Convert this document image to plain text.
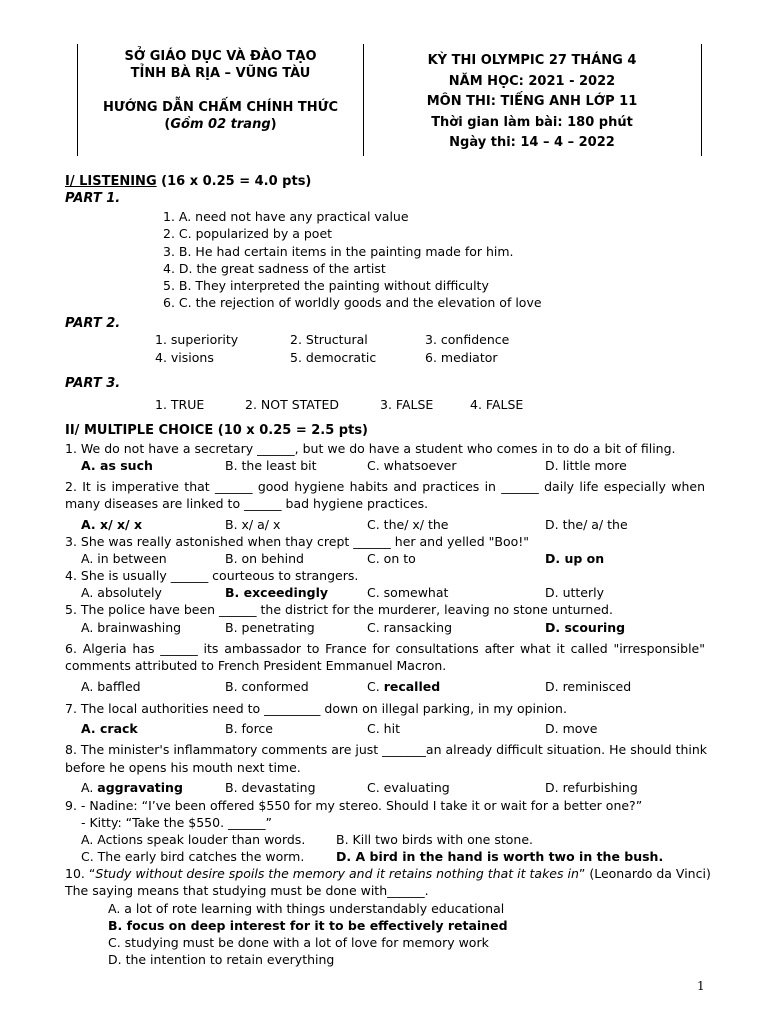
SỞ GIÁO DỤC VÀ ĐÀO TẠO
TỈNH BÀ RỊA – VŨNG TÀU
HƯỚNG DẪN CHẤM CHÍNH THỨC
(Gồm 02 trang)
KỲ THI OLYMPIC 27 THÁNG 4
NĂM HỌC: 2021 - 2022
MÔN THI: TIẾNG ANH LỚP 11
Thời gian làm bài: 180 phút
Ngày thi: 14 – 4 – 2022
I/ LISTENING (16 x 0.25 = 4.0 pts)
PART 1.
1. A. need not have any practical value
2. C. popularized by a poet
3. B. He had certain items in the painting made for him.
4. D. the great sadness of the artist
5. B. They interpreted the painting without difficulty
6. C. the rejection of worldly goods and the elevation of love
PART 2.
1. superiority	2. Structural	3. confidence
4. visions	5. democratic	6. mediator
PART 3.
1. TRUE	2. NOT STATED	3. FALSE	4. FALSE
II/ MULTIPLE CHOICE (10 x 0.25 = 2.5 pts)
1. We do not have a secretary ______, but we do have a student who comes in to do a bit of filing.
A. as such	B. the least bit	C. whatsoever	D. little more
2. It is imperative that ______ good hygiene habits and practices in ______ daily life especially when
many diseases are linked to ______ bad hygiene practices.
A. x/ x/ x	B. x/ a/ x	C. the/ x/ the	D. the/ a/ the
3. She was really astonished when thay crept ______ her and yelled "Boo!"
A. in between	B. on behind	C. on to	D. up on
4. She is usually ______ courteous to strangers.
A. absolutely	B. exceedingly	C. somewhat	D. utterly
5. The police have been ______ the district for the murderer, leaving no stone unturned.
A. brainwashing	B. penetrating	C. ransacking	D. scouring
6. Algeria has ______ its ambassador to France for consultations after what it called "irresponsible"
comments attributed to French President Emmanuel Macron.
A. baffled	B. conformed	C. recalled	D. reminisced
7. The local authorities need to _________ down on illegal parking, in my opinion.
A. crack	B. force	C. hit	D. move
8. The minister's inflammatory comments are just _______an already difficult situation. He should think
before he opens his mouth next time.
A. aggravating	B. devastating	C. evaluating	D. refurbishing
9. - Nadine: “I’ve been offered $550 for my stereo. Should I take it or wait for a better one?”
- Kitty: “Take the $550. ______”
A. Actions speak louder than words. B. Kill two birds with one stone.
C. The early bird catches the worm.	D. A bird in the hand is worth two in the bush.
10. “Study without desire spoils the memory and it retains nothing that it takes in” (Leonardo da Vinci)
The saying means that studying must be done with______.
A. a lot of rote learning with things understandably educational
B. focus on deep interest for it to be effectively retained
C. studying must be done with a lot of love for memory work
D. the intention to retain everything
1
